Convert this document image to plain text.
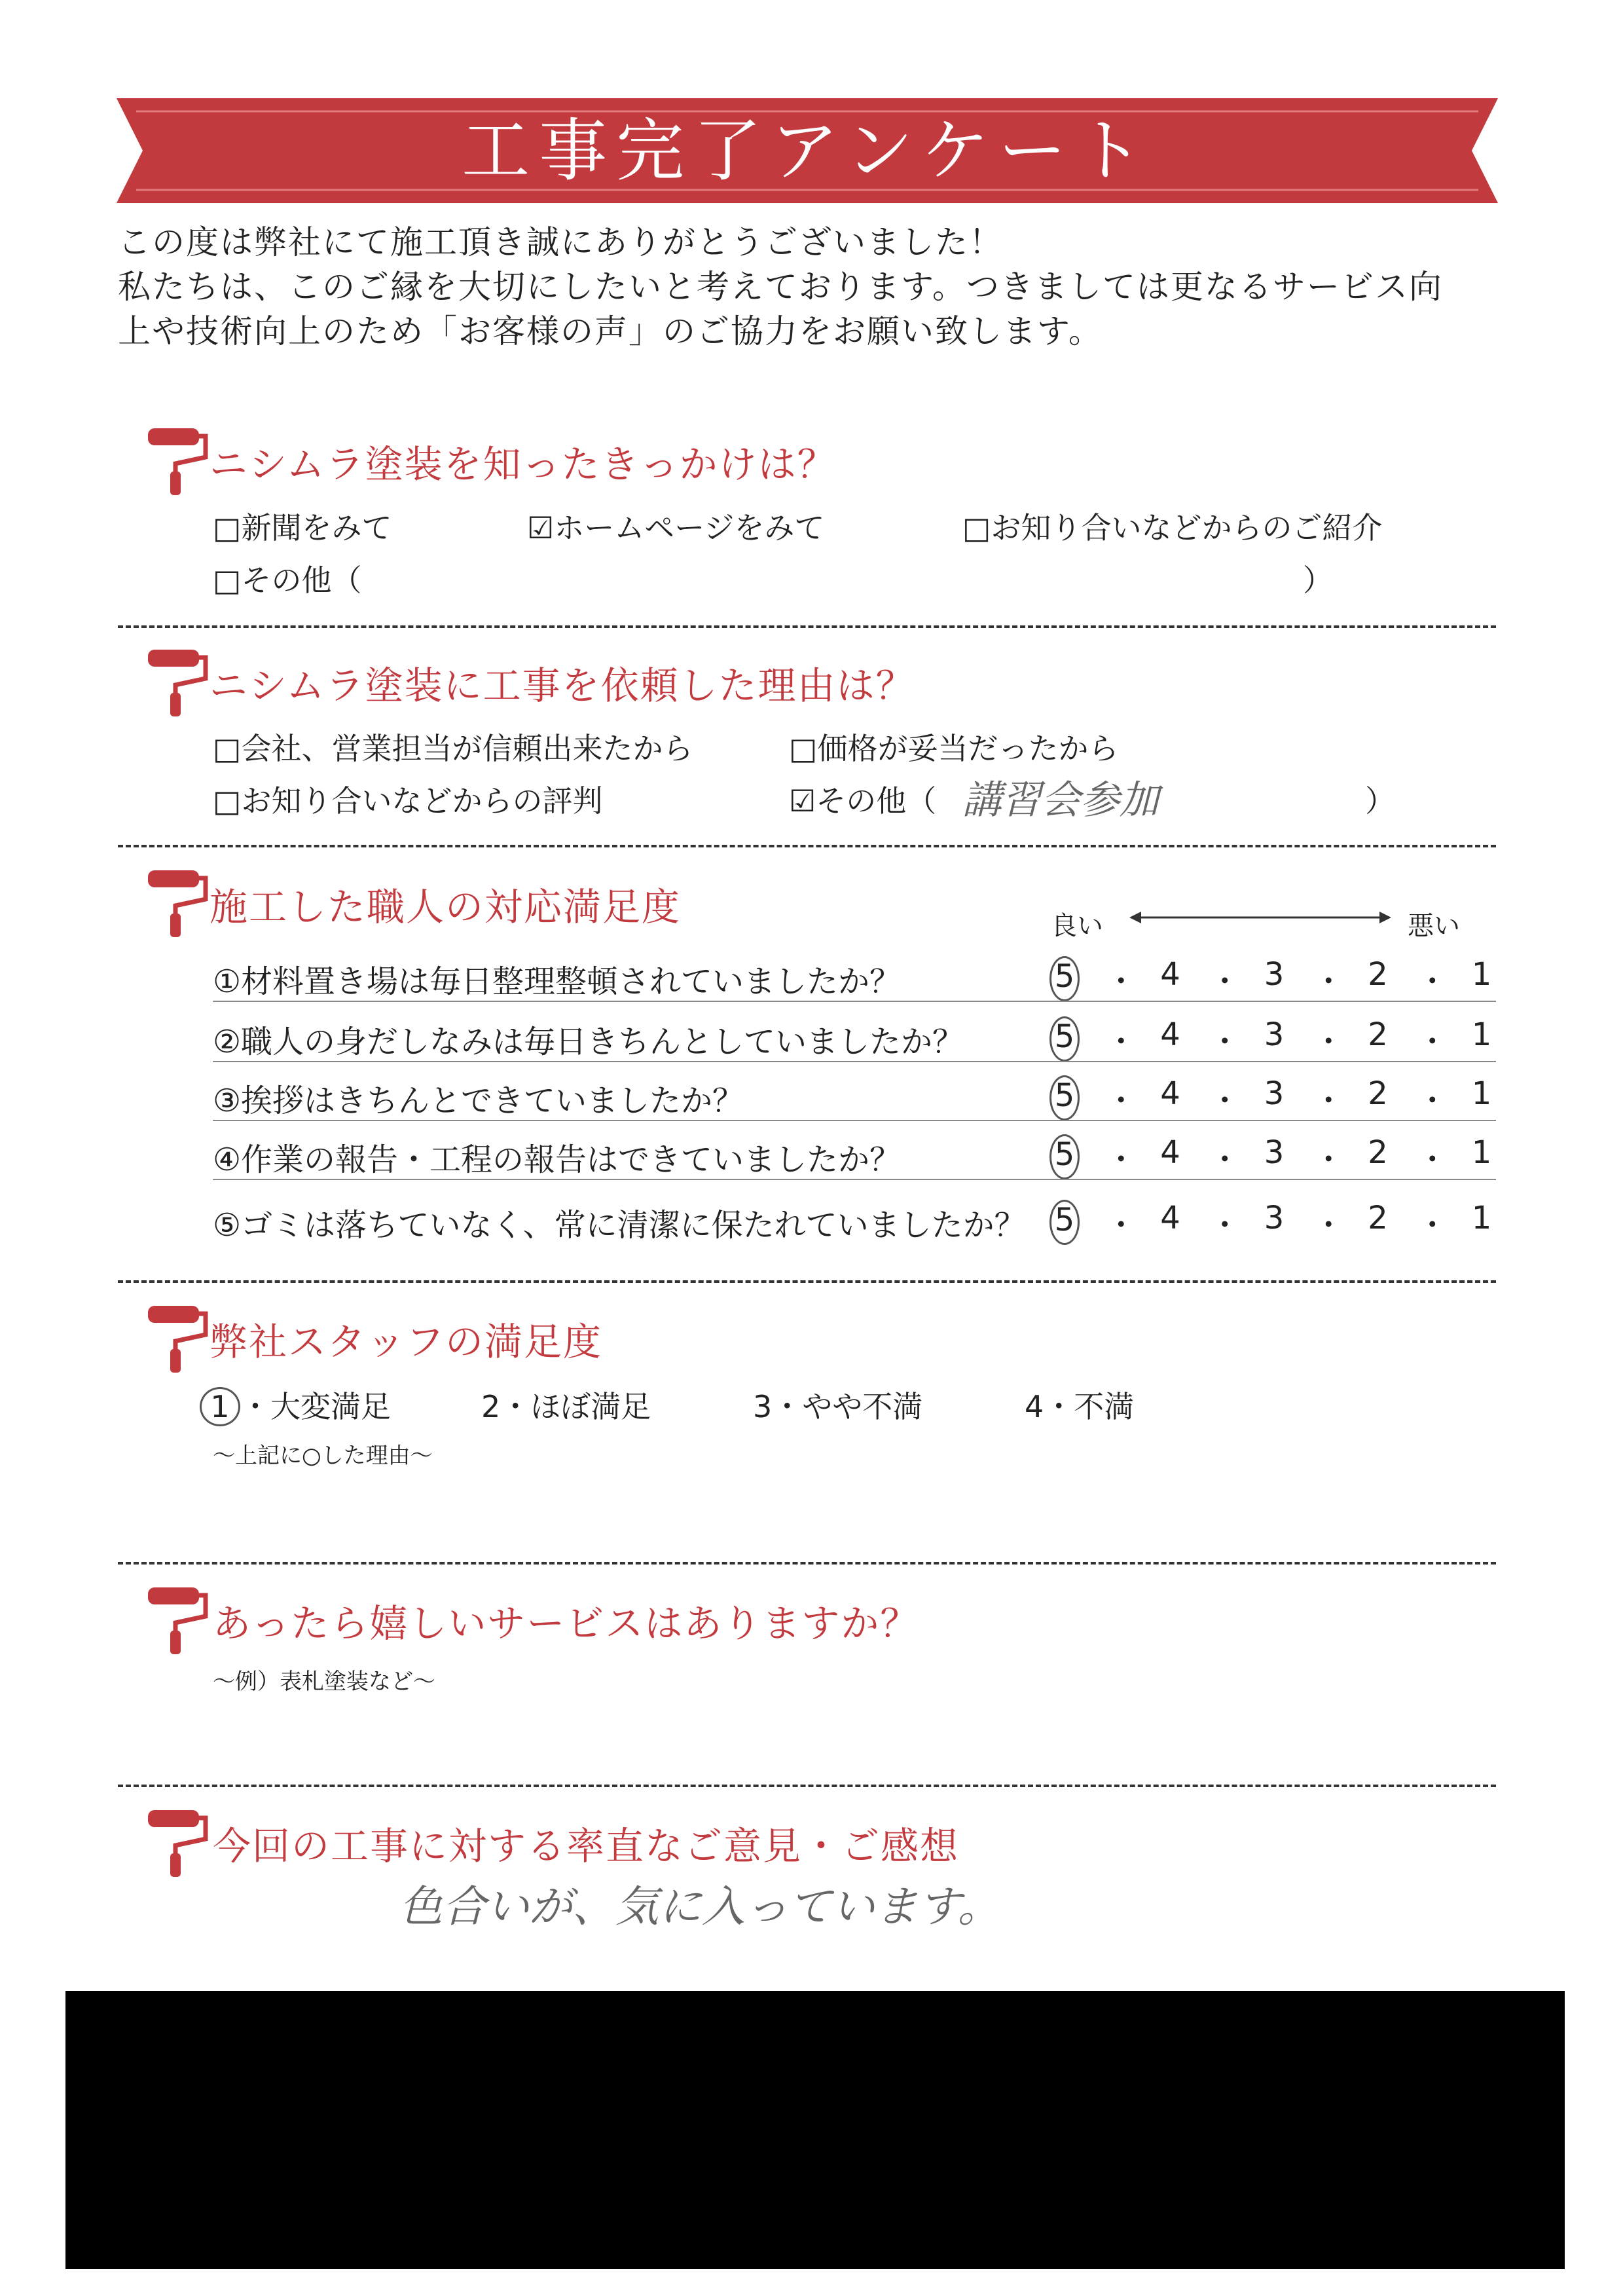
工事完了アンケート
この度は弊社にて施工頂き誠にありがとうございました！
私たちは、このご縁を大切にしたいと考えております。つきましては更なるサービス向
上や技術向上のため「お客様の声」のご協力をお願い致します。
ニシムラ塗装を知ったきっかけは？
□新聞をみて	☑ホームページをみて	□お知り合いなどからのご紹介
□その他（	）
ニシムラ塗装に工事を依頼した理由は？
□会社、営業担当が信頼出来たから	□価格が妥当だったから
□お知り合いなどからの評判	☑その他（ 講習会参加	）
施工した職人の対応満足度	良い	悪い
①材料置き場は毎日整理整頓されていましたか？	5 ・ 4 ・ 3 ・ 2 ・ 1
②職人の身だしなみは毎日きちんとしていましたか？	5 ・ 4 ・ 3 ・ 2 ・ 1
③挨拶はきちんとできていましたか？	5 ・ 4 ・ 3 ・ 2 ・ 1
④作業の報告・工程の報告はできていましたか？	5 ・ 4 ・ 3 ・ 2 ・ 1
⑤ゴミは落ちていなく、常に清潔に保たれていましたか？ 5 ・ 4 ・ 3 ・ 2 ・ 1
弊社スタッフの満足度
1 ・大変満足	2・ほぼ満足	3・やや不満	4・不満
～上記に○した理由～
あったら嬉しいサービスはありますか？
～例）表札塗装など～
今回の工事に対する率直なご意見・ご感想
色合いが、気に入っています。
